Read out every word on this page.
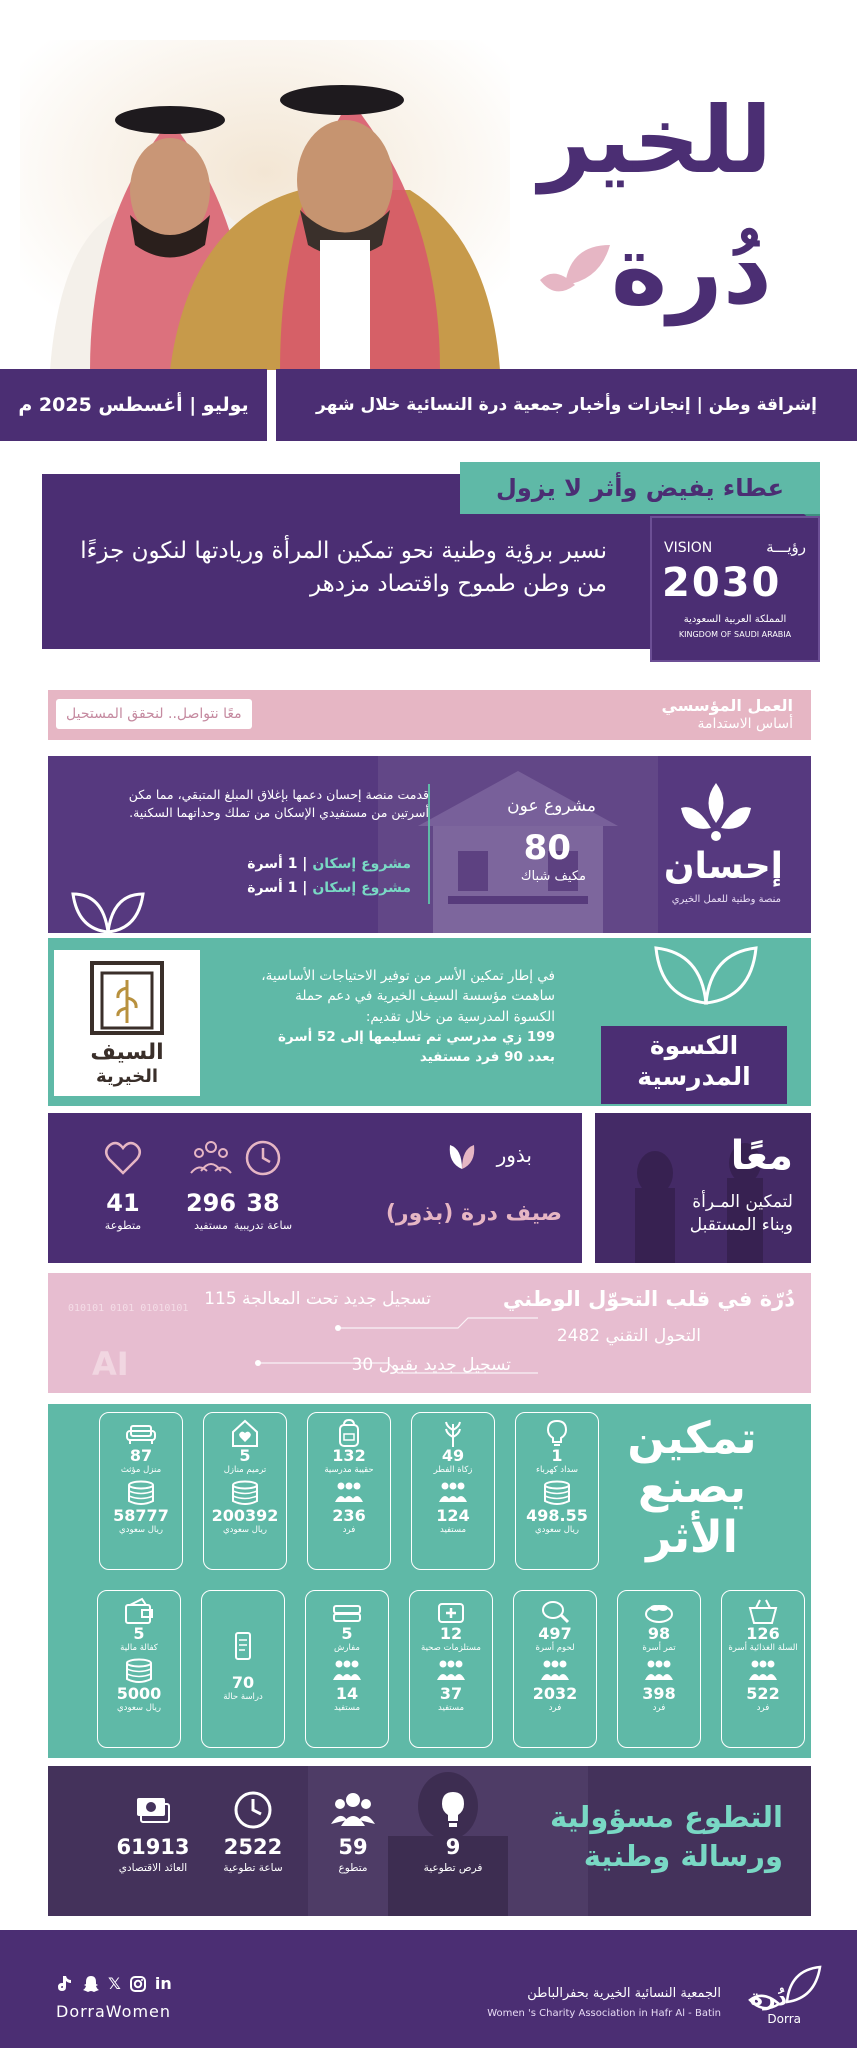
للخير
دُرة
يوليو | أغسطس 2025 م	إشراقة وطن | إنجازات وأخبار جمعية درة النسائية خلال شهر
عطاء يفيض وأثر لا يزول
VISION	رؤيـــة
2030
المملكة العربية السعودية
KINGDOM OF SAUDI ARABIA
نسير برؤية وطنية نحو تمكين المرأة وريادتها لنكون جزءًا من وطن طموح واقتصاد مزدهر
العمل المؤسسي
أساس الاستدامة
معًا نتواصل.. لنحقق المستحيل
إحسان
منصة وطنية للعمل الخيري
مشروع عون
80
مكيف شباك
قدمت منصة إحسان دعمها بإغلاق المبلغ المتبقي، مما مكن أسرتين من مستفيدي الإسكان من تملك وحداتهما السكنية.
مشروع إسكان | 1 أسرة
مشروع إسكان | 1 أسرة
السيف
الخيرية
في إطار تمكين الأسر من توفير الاحتياجات الأساسية،
ساهمت مؤسسة السيف الخيرية في دعم حملة
الكسوة المدرسية من خلال تقديم:
199 زي مدرسي تم تسليمها إلى 52 أسرة
بعدد 90 فرد مستفيد	الكسوة
المدرسية
296
مستفيد
38
ساعة تدريبية
41
متطوعة
بذور
صيف درة (بذور)
معًا
لتمكين المـرأة
وبناء المستقبل
01010101 0101 010101
AI
دُرّة في قلب التحوّل الوطني
تسجيل جديد تحت المعالجة 115
التحول التقني 2482
تسجيل جديد بقبول 30
تمكين
يصنع
الأثر
1
سداد كهرباء
498.55
ريال سعودي
49
زكاة الفطر
124
مستفيد
132
حقيبة مدرسية
236
فرد
5
ترميم منازل
200392
ريال سعودي
87
منزل مؤثث
58777
ريال سعودي
126
السلة الغذائية أسرة
522
فرد
98
تمر أسرة
398
فرد
497
لحوم أسرة
2032
فرد
12
مستلزمات صحية
37
مستفيد
5
مفارش
14
مستفيد
70
دراسة حالة
5
كفالة مالية
5000
ريال سعودي
التطوع مسؤولية
ورسالة وطنية
9
فرص تطوعية
59
متطوع
2522
ساعة تطوعية
61913
العائد الاقتصادي
دُرة
Dorra
الجمعية النسائية الخيرية بحفرالباطن
Women 's Charity Association in Hafr Al - Batin
𝕏 in
DorraWomen
